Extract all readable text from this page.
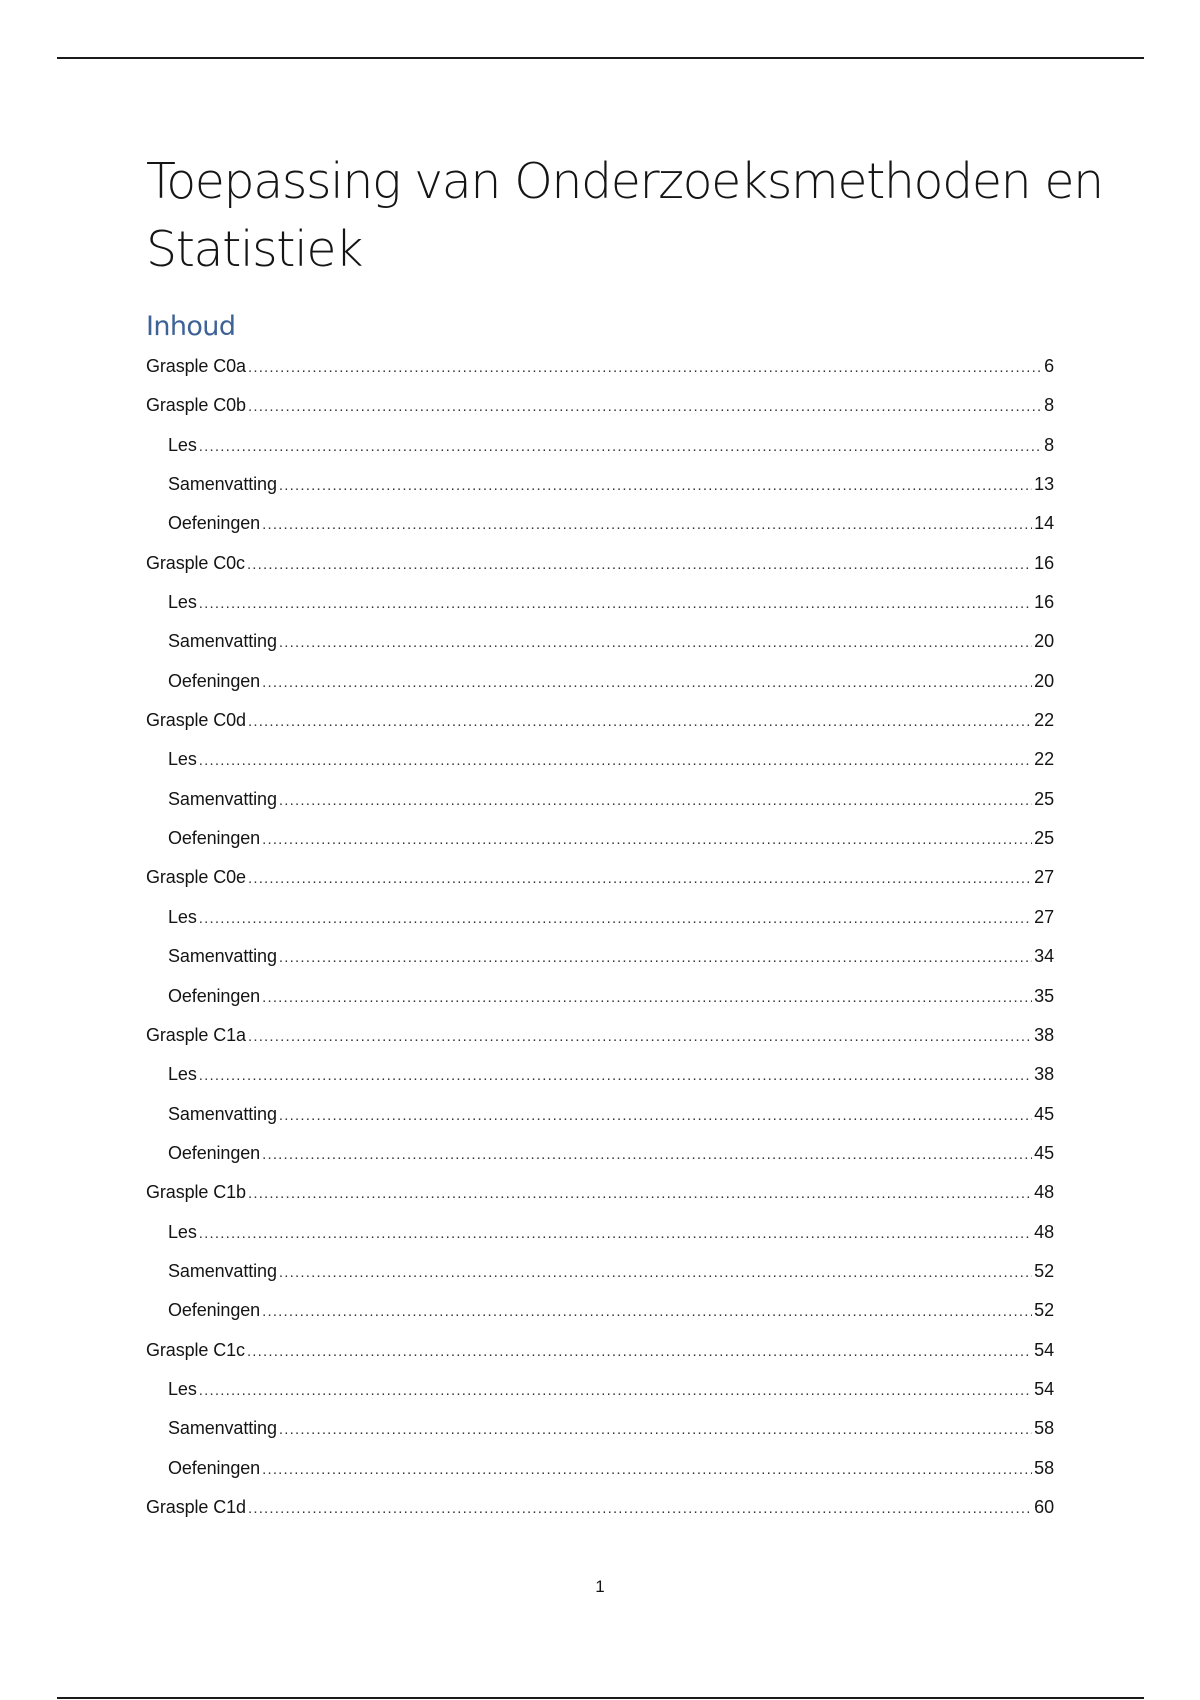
Toepassing van Onderzoeksmethoden en Statistiek
Inhoud
Grasple C0a .....	6
Grasple C0b .....	8
Les .....	8
Samenvatting .....	13
Oefeningen .....	14
Grasple C0c .....	16
Les .....	16
Samenvatting .....	20
Oefeningen .....	20
Grasple C0d .....	22
Les .....	22
Samenvatting .....	25
Oefeningen .....	25
Grasple C0e .....	27
Les .....	27
Samenvatting .....	34
Oefeningen .....	35
Grasple C1a .....	38
Les .....	38
Samenvatting .....	45
Oefeningen .....	45
Grasple C1b .....	48
Les .....	48
Samenvatting .....	52
Oefeningen .....	52
Grasple C1c .....	54
Les .....	54
Samenvatting .....	58
Oefeningen .....	58
Grasple C1d .....	60
1
